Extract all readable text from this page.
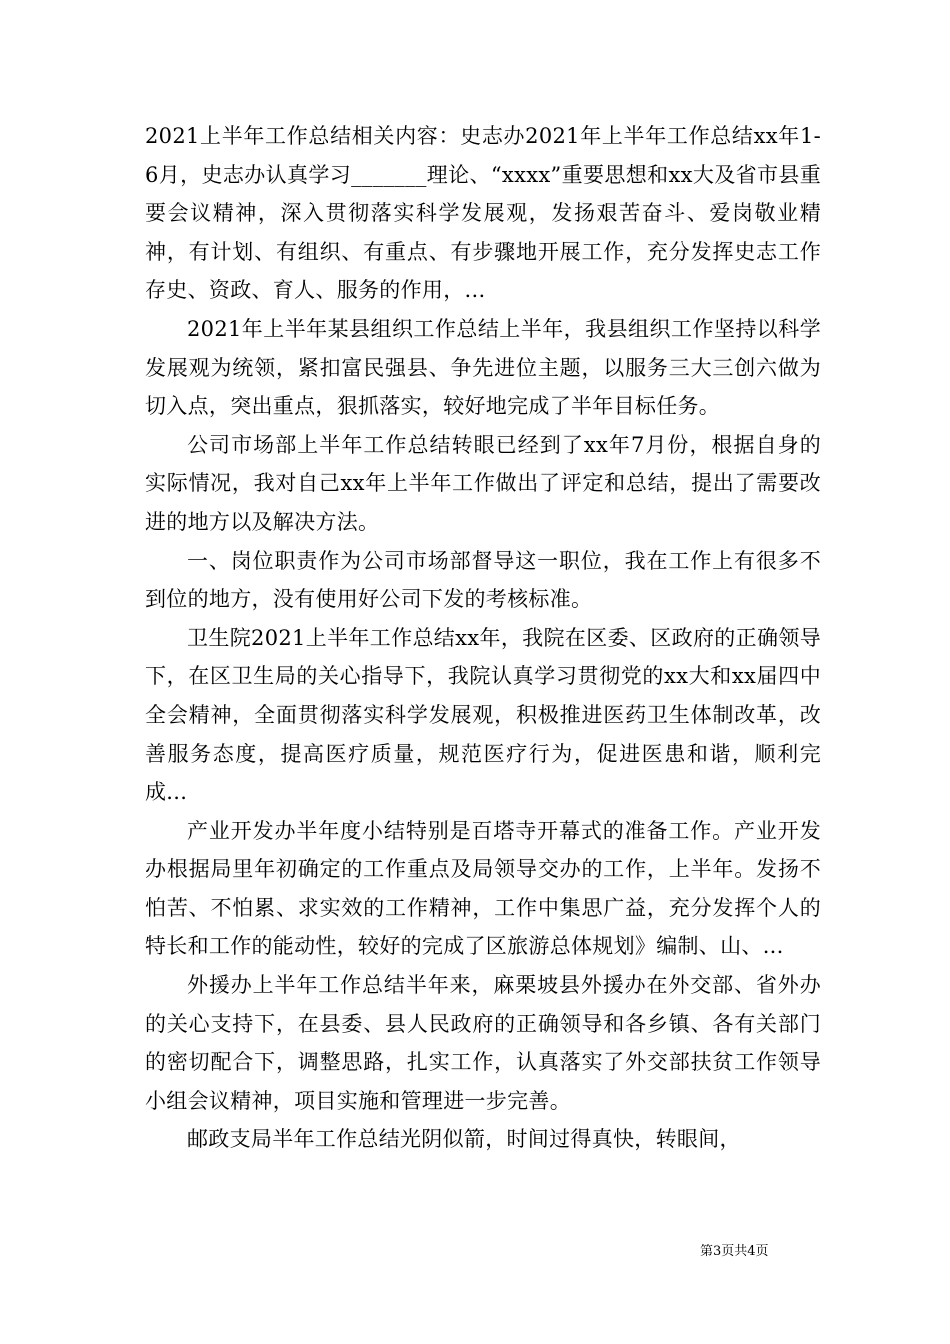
2021上半年工作总结相关内容：史志办2021年上半年工作总结xx年1-6月，史志办认真学习_______理论、“xxxx”重要思想和xx大及省市县重要会议精神，深入贯彻落实科学发展观，发扬艰苦奋斗、爱岗敬业精神，有计划、有组织、有重点、有步骤地开展工作，充分发挥史志工作存史、资政、育人、服务的作用，...

2021年上半年某县组织工作总结上半年，我县组织工作坚持以科学发展观为统领，紧扣富民强县、争先进位主题，以服务三大三创六做为切入点，突出重点，狠抓落实，较好地完成了半年目标任务。

公司市场部上半年工作总结转眼已经到了xx年7月份，根据自身的实际情况，我对自己xx年上半年工作做出了评定和总结，提出了需要改进的地方以及解决方法。

一、岗位职责作为公司市场部督导这一职位，我在工作上有很多不到位的地方，没有使用好公司下发的考核标准。

卫生院2021上半年工作总结xx年，我院在区委、区政府的正确领导下，在区卫生局的关心指导下，我院认真学习贯彻党的xx大和xx届四中全会精神，全面贯彻落实科学发展观，积极推进医药卫生体制改革，改善服务态度，提高医疗质量，规范医疗行为，促进医患和谐，顺利完成...

产业开发办半年度小结特别是百塔寺开幕式的准备工作。产业开发办根据局里年初确定的工作重点及局领导交办的工作，上半年。发扬不怕苦、不怕累、求实效的工作精神，工作中集思广益，充分发挥个人的特长和工作的能动性，较好的完成了区旅游总体规划》编制、山、...

外援办上半年工作总结半年来，麻栗坡县外援办在外交部、省外办的关心支持下，在县委、县人民政府的正确领导和各乡镇、各有关部门的密切配合下，调整思路，扎实工作，认真落实了外交部扶贫工作领导小组会议精神，项目实施和管理进一步完善。

邮政支局半年工作总结光阴似箭，时间过得真快，转眼间，

第3页共4页
